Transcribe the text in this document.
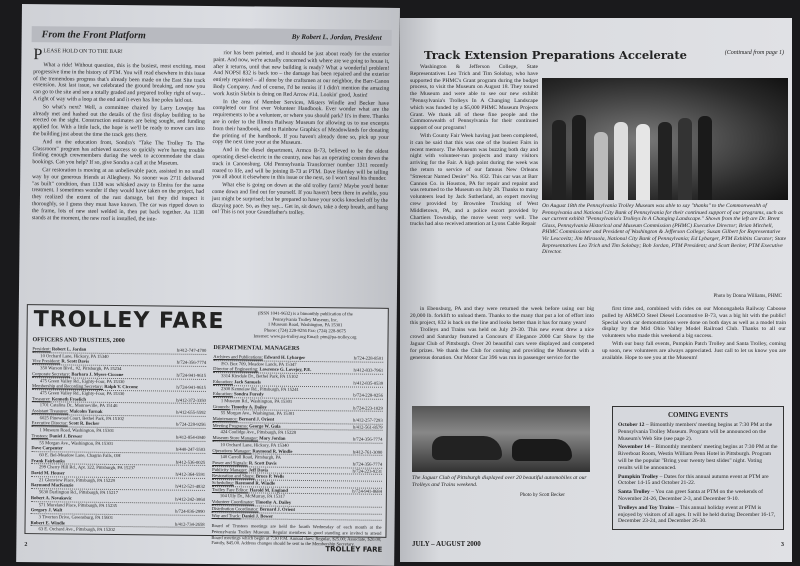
From the Front Platform	By Robert L. Jordan, President
PLEASE HOLD ON TO THE BAR!

What a ride! Without question, this is the busiest, most exciting, most progressive time in the history of PTM. You will read elsewhere in this issue of the tremendous progress that's already been made on the East Site track extension. Just last issue, we celebrated the ground breaking, and now you can go to the site and see a totally graded and prepared trolley right of way... A right of way with a loop at the end and it even has line poles laid out.

So what's next? Well, a committee chaired by Larry Lovejoy has already met and hashed out the details of the first display building to be erected on the sight. Construction estimates are being sought, and funding applied for. With a little luck, the hope is we'll be ready to move cars into the building just about the time the track gets there.

And on the education front, Sondra's "Take The Trolley To The Classroom" program has achieved success so quickly we're having trouble finding enough crewmembers during the week to accommodate the class bookings. Can you help? If so, give Sondra a call at the Museum.

Car restoration is moving at an unbelievable pace, assisted in no small way by our generous friends at Allegheny. No sooner was 2711 delivered "as built" condition, than 1138 was whisked away to Elmira for the same treatment. I sometimes wonder if they would have taken on the project, had they realized the extent of the rust damage, but they did inspect it thoroughly, so I guess they must have known. The car was ripped down to the frame, lots of new steel welded in, then put back together. As 1138 stands at the moment, the new roof is installed, the inte-

rior has been painted, and it should be just about ready for the exterior paint. And now, we're actually concerned with where are we going to house it, after it returns, until that new building is ready? What a wonderful problem! And NOPSI 832 is back too – the damage has been repaired and the exterior entirely repainted – all done by the craftsmen at our neighbor, the Barr-Canon Body Company. And of course, I'd be remiss if I didn't mention the amazing work Justin Skrbin is doing on Red Arrow #14. Lookin' good, Justin!

In the area of Member Services, Misters Windle and Becker have completed our first ever Volunteer Handbook. Ever wonder what are the requirements to be a volunteer, or where you should park? It's in there. Thanks are in order to the Illinois Railway Museum for allowing us to use excerpts from their handbook, and to Rainbow Graphics of Meadowlands for donating the printing of the handbook. If you haven't already done so, pick up your copy the next time your at the Museum.

And in the diesel department, Armco B-73, believed to be the oldest operating diesel-electric in the country, now has an operating cousin down the track in Canonsburg. Old Pennsylvania Transformer number 1311 recently roared to life, and will be joining B-73 at PTM. Dave Hamley will be telling you all about it elsewhere in this issue or the next, so I won't steal his thunder.

What else is going on down at the old trolley farm? Maybe you'd better come down and find out for yourself. If you haven't been there in awhile, you just might be surprised; but be prepared to have your socks knocked off by the dizzying pace. So, as they say... Get in, sit down, take a deep breath, and hang on! This is not your Grandfather's trolley.

TROLLEY FARE	(ISSN 1041-9632) is a bimonthly publication of the
Pennsylvania Trolley Museum, Inc.
1 Museum Road, Washington, PA 15301
Phone: (724) 228-9256 Fax: (724) 228-9675
Internet: www.pa-trolley.org Email: ptm@pa-trolley.org
OFFICERS AND TRUSTEES, 2000
President: Robert L. Jordan	h/412-747-4700
10 Orchard Lane, Hickory, PA 15340
Vice President: R. Scott Davis	h/724-356-7774
350 Warson Blvd., #2, Pittsburgh, PA 15234
Corporate Secretary: Barbara J. Myers-Ciccone	h/724-941-9615
475 Green Valley Rd., Eighty-Four, PA 15330
Membership and Recording Secretary: Ralph V. Ciccone	h/724-941-9615
475 Green Valley Rd., Eighty-Four, PA 15330
Treasurer: Kenneth Froelich	h/412-372-3350
1701 Catalina Dr., Monroeville, PA 15146
Assistant Treasurer: Malcolm Turnak	h/412-655-5592
6025 Pinewood Court, Bethel Park, PA 15102
Executive Director: Scott R. Becker	b/724-228-9256
1 Museum Road, Washington, PA 15301
Trustees: Daniel J. Brewer	h/412-854-6940
55 Morgan Ave., Washington, PA 15301
Dave Carpenter	h/440-247-5503
60 E. Bel-Meadow Lane, Chagrin Falls, OH
Frank Fairbanks	h/412-536-0025
299 Cherry Hill Rd., Apt. 322, Pittsburgh, PA 15237
David M. Houser	h/412-364-5591
21 Glenview Place, Pittsburgh, PA 15229
Raymond MacKenzie	h/412-521-4832
5630 Darlington Rd., Pittsburgh, PA 15217
Robert A. Novakovic	h/412-242-3064
571 Moreland Place, Pittsburgh, PA 15235
Gregory J. Walt	h/724-836-2990
3 Tiverton Drive, Greensburg, PA 15601
Robert E. Windle	h/412-734-2658
63 E. Orchard Ave., Pittsburgh, PA 15202
DEPARTMENTAL MANAGERS
Archives and Publications: Edward H. Lybarger	h/724-228-8501
P.O. Box 709, Meadow Lands, PA 15347
Director of Engineering: Lawrence G. Lovejoy, P.E.	h/412-833-7961
3314 Kirsdale Dr., Bethel Park, PA 15102
Education: Jack Samuels	h/412-835-0539
2300 Kennelaw Rd., Pittsburgh, PA 15241
Education: Sondra Furedy	b/724-228-9256
1 Museum Rd., Washington, PA 15301
Grounds: Timothy A. Dailey	h/724-223-1029
55 Morgan Ave., Washington, PA 15301
Maintenance: Bernard J. Orient	h/412-257-7293
Meeting Programs: George W. Gula	h/412-561-8579
424 Coolidge Ave., Pittsburgh, PA 15228
Museum Store Manager: Mary Jordan	h/724-356-7774
10 Orchard Lane, Hickory, PA 15340
Operations Manager: Raymond R. Windle	h/412-761-3090
140 Carroll Road, Pittsburgh, PA
Power and Signals: R. Scott Davis	h/724-356-7774
Publicity Manager: Jeff Davis	h/724-223-9231
Restoration and Shops: Bruce P. Wells
Scheduling: Raymond R. Windle
Trolley Fare Editor: Harold M. England	h/724-941-8684
104 Ully Dr., McMurray, PA 15317
Volunteer Coordinator: Timothy A. Dailey
Distribution Coordinator: Bernard J. Orient
Way and Track: Daniel J. Bower
Board of Trustees meetings are held the fourth Wednesday of each month at the Pennsylvania Trolley Museum. Regular members in good standing are invited to attend Board meetings which begin at 7:30 P.M. Annual dues: Regular, $25.00; Associate, $20.00; Family, $45.00. Address changes should be sent to the Membership Secretary.
2
TROLLEY FARE
Track Extension Preparations Accelerate	(Continued from page 1)

Washington & Jefferson College, State Representatives Leo Trich and Tim Solobay, who have supported the PHMC's Grant program during the budget process, to visit the Museum on August 18. They toured the Museum and were able to see our new exhibit "Pennsylvania's Trolleys In A Changing Landscape which was funded by a $5,000 PHMC Museum Projects Grant. We thank all of these fine people and the Commonwealth of Pennsylvania for their continued support of our programs!

With County Fair Week having just been completed, it can be said that this was one of the busiest Fairs in recent memory. The Museum was buzzing both day and night with volunteer-run projects and many visitors arriving for the Fair. A high point during the week was the return to service of our famous New Orleans "Streetcar Named Desire" No. 832. This car was at Barr Cannon Co. in Houston, PA for repair and repaint and was returned to the Museum on July 28. Thanks to many volunteers lead by Jack Sutherland, an expert moving crew provided by Brownlee Trucking of West Middletown, PA, and a police escort provided by Chartiers Township, the move went very well. The trucks had also received attention at Lyons Cable Repair

On August 18th the Pennsylvania Trolley Museum was able to say "thanks" to the Commonwealth of Pennsylvania and National City Bank of Pennsylvania for their continued support of our programs, such as our current exhibit "Pennsylvania's Trolleys In A Changing Landscape." Shown from the left are Dr. Brent Glass, Pennsylvania Historical and Museum Commission (PHMC) Executive Director; Brian Mitchell, PHMC Commissioner and President of Washington & Jefferson College; Susan Gilbert for Representative Vic Lescovitz; Jim Mirasola, National City Bank of Pennsylvania; Ed Lybarger, PTM Exhibits Curator; State Representatives Leo Trich and Tim Solobay; Bob Jordan, PTM President; and Scott Becker, PTM Executive Director.
Photo by Donna Williams, PHMC

in Ebensburg, PA and they were returned the week before using our big 20,000 lb. forklift to unload them. Thanks to the many that put a lot of effort into this project, 832 is back on the line and looks better than it has for many years!

Trolleys and Trains was held on July 29-30. This new event drew a nice crowd and Saturday featured a Concours d' Elegance 2000 Car Show by the Jaguar Club of Pittsburgh. Over 20 beautiful cars were displayed and competed for prizes. We thank the Club for coming and providing the Museum with a generous donation. Our Motor Car 396 was run in passenger service for the

first time and, combined with rides on our Monongahela Railway Caboose pulled by ARMCO Steel Diesel Locomotive B-73, was a big hit with the public! Special work car demonstrations were done on both days as well as a model train display by the Mid Ohio Valley Model Railroad Club. Thanks to all our volunteers who made this weekend a big success.

With our busy fall events, Pumpkin Patch Trolley and Santa Trolley, coming up soon, new volunteers are always appreciated. Just call to let us know you are available. Hope to see you at the Museum!

The Jaguar Club of Pittsburgh displayed over 20 beautiful automobiles at our Trolleys and Trains weekend.
Photo by Scott Becker
COMING EVENTS
October 12 – Bimonthly members' meeting begins at 7:30 PM at the Pennsylvania Trolley Museum. Program will be announced on the Museum's Web Site (see page 2).
November 14 – Bimonthly members' meeting begins at 7:30 PM at the Riverboat Room, Westin William Penn Hotel in Pittsburgh. Program will be the popular "Bring your twenty best slides" night. Voting results will be announced.
Pumpkin Trolley – Dates for this annual autumn event at PTM are October 14-15 and October 21-22.
Santa Trolley – You can greet Santa at PTM on the weekends of November 24-26, December 2-3, and December 9-10.
Trolleys and Toy Trains – This annual holiday event at PTM is enjoyed by visitors of all ages. It will be held during December 16-17, December 23-24, and December 26-30.
JULY – AUGUST 2000	3
